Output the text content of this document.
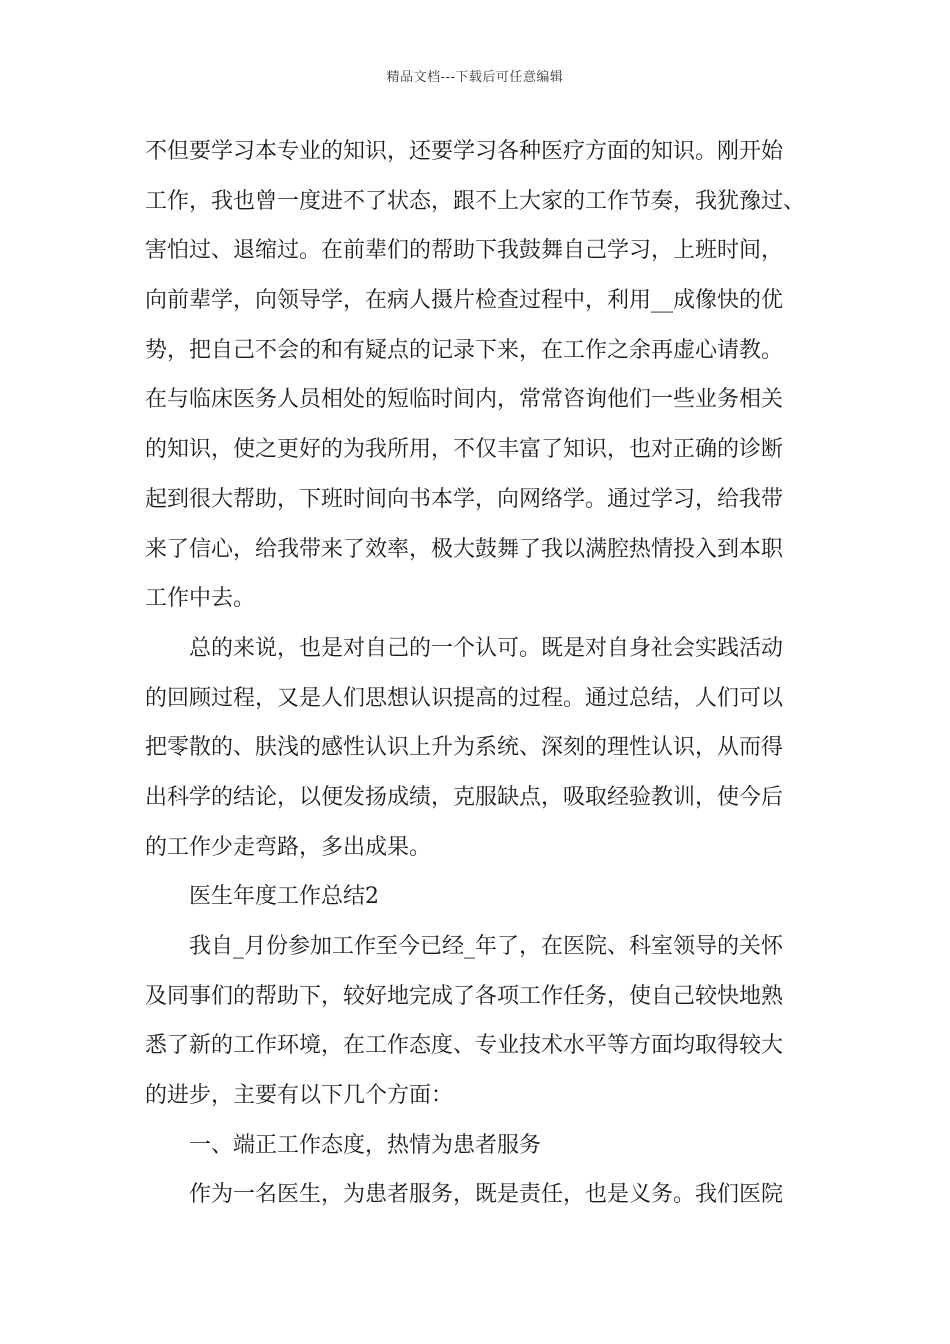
精品文档---下载后可任意编辑
不但要学习本专业的知识，还要学习各种医疗方面的知识。刚开始
工作，我也曾一度进不了状态，跟不上大家的工作节奏，我犹豫过、
害怕过、退缩过。在前辈们的帮助下我鼓舞自己学习，上班时间，
向前辈学，向领导学，在病人摄片检查过程中，利用__成像快的优
势，把自己不会的和有疑点的记录下来，在工作之余再虚心请教。
在与临床医务人员相处的短临时间内，常常咨询他们一些业务相关
的知识，使之更好的为我所用，不仅丰富了知识，也对正确的诊断
起到很大帮助，下班时间向书本学，向网络学。通过学习，给我带
来了信心，给我带来了效率，极大鼓舞了我以满腔热情投入到本职
工作中去。
总的来说，也是对自己的一个认可。既是对自身社会实践活动
的回顾过程，又是人们思想认识提高的过程。通过总结，人们可以
把零散的、肤浅的感性认识上升为系统、深刻的理性认识，从而得
出科学的结论，以便发扬成绩，克服缺点，吸取经验教训，使今后
的工作少走弯路，多出成果。
医生年度工作总结2
我自_月份参加工作至今已经_年了，在医院、科室领导的关怀
及同事们的帮助下，较好地完成了各项工作任务，使自己较快地熟
悉了新的工作环境，在工作态度、专业技术水平等方面均取得较大
的进步，主要有以下几个方面：
一、端正工作态度，热情为患者服务
作为一名医生，为患者服务，既是责任，也是义务。我们医院
